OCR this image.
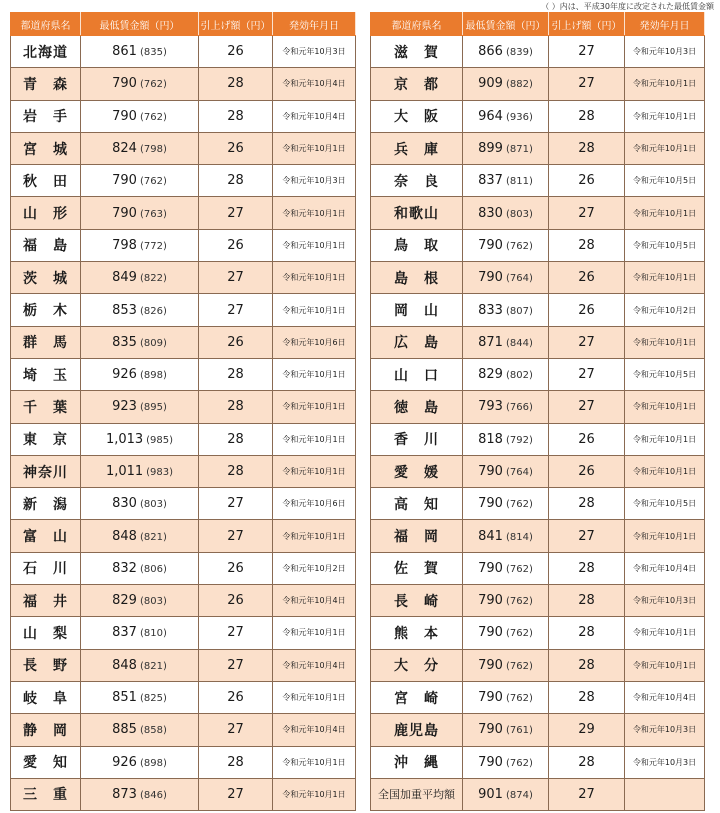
（ ）内は、平成30年度に改定された最低賃金額
都道府県名	最低賃金額（円）	引上げ額（円）	発効年月日
北海道	861 (835)	26	令和元年10月3日
青　森	790 (762)	28	令和元年10月4日
岩　手	790 (762)	28	令和元年10月4日
宮　城	824 (798)	26	令和元年10月1日
秋　田	790 (762)	28	令和元年10月3日
山　形	790 (763)	27	令和元年10月1日
福　島	798 (772)	26	令和元年10月1日
茨　城	849 (822)	27	令和元年10月1日
栃　木	853 (826)	27	令和元年10月1日
群　馬	835 (809)	26	令和元年10月6日
埼　玉	926 (898)	28	令和元年10月1日
千　葉	923 (895)	28	令和元年10月1日
東　京	1,013 (985)	28	令和元年10月1日
神奈川	1,011 (983)	28	令和元年10月1日
新　潟	830 (803)	27	令和元年10月6日
富　山	848 (821)	27	令和元年10月1日
石　川	832 (806)	26	令和元年10月2日
福　井	829 (803)	26	令和元年10月4日
山　梨	837 (810)	27	令和元年10月1日
長　野	848 (821)	27	令和元年10月4日
岐　阜	851 (825)	26	令和元年10月1日
静　岡	885 (858)	27	令和元年10月4日
愛　知	926 (898)	28	令和元年10月1日
三　重	873 (846)	27	令和元年10月1日
都道府県名	最低賃金額（円）	引上げ額（円）	発効年月日
滋　賀	866 (839)	27	令和元年10月3日
京　都	909 (882)	27	令和元年10月1日
大　阪	964 (936)	28	令和元年10月1日
兵　庫	899 (871)	28	令和元年10月1日
奈　良	837 (811)	26	令和元年10月5日
和歌山	830 (803)	27	令和元年10月1日
鳥　取	790 (762)	28	令和元年10月5日
島　根	790 (764)	26	令和元年10月1日
岡　山	833 (807)	26	令和元年10月2日
広　島	871 (844)	27	令和元年10月1日
山　口	829 (802)	27	令和元年10月5日
徳　島	793 (766)	27	令和元年10月1日
香　川	818 (792)	26	令和元年10月1日
愛　媛	790 (764)	26	令和元年10月1日
高　知	790 (762)	28	令和元年10月5日
福　岡	841 (814)	27	令和元年10月1日
佐　賀	790 (762)	28	令和元年10月4日
長　崎	790 (762)	28	令和元年10月3日
熊　本	790 (762)	28	令和元年10月1日
大　分	790 (762)	28	令和元年10月1日
宮　崎	790 (762)	28	令和元年10月4日
鹿児島	790 (761)	29	令和元年10月3日
沖　縄	790 (762)	28	令和元年10月3日
全国加重平均額	901 (874)	27	
